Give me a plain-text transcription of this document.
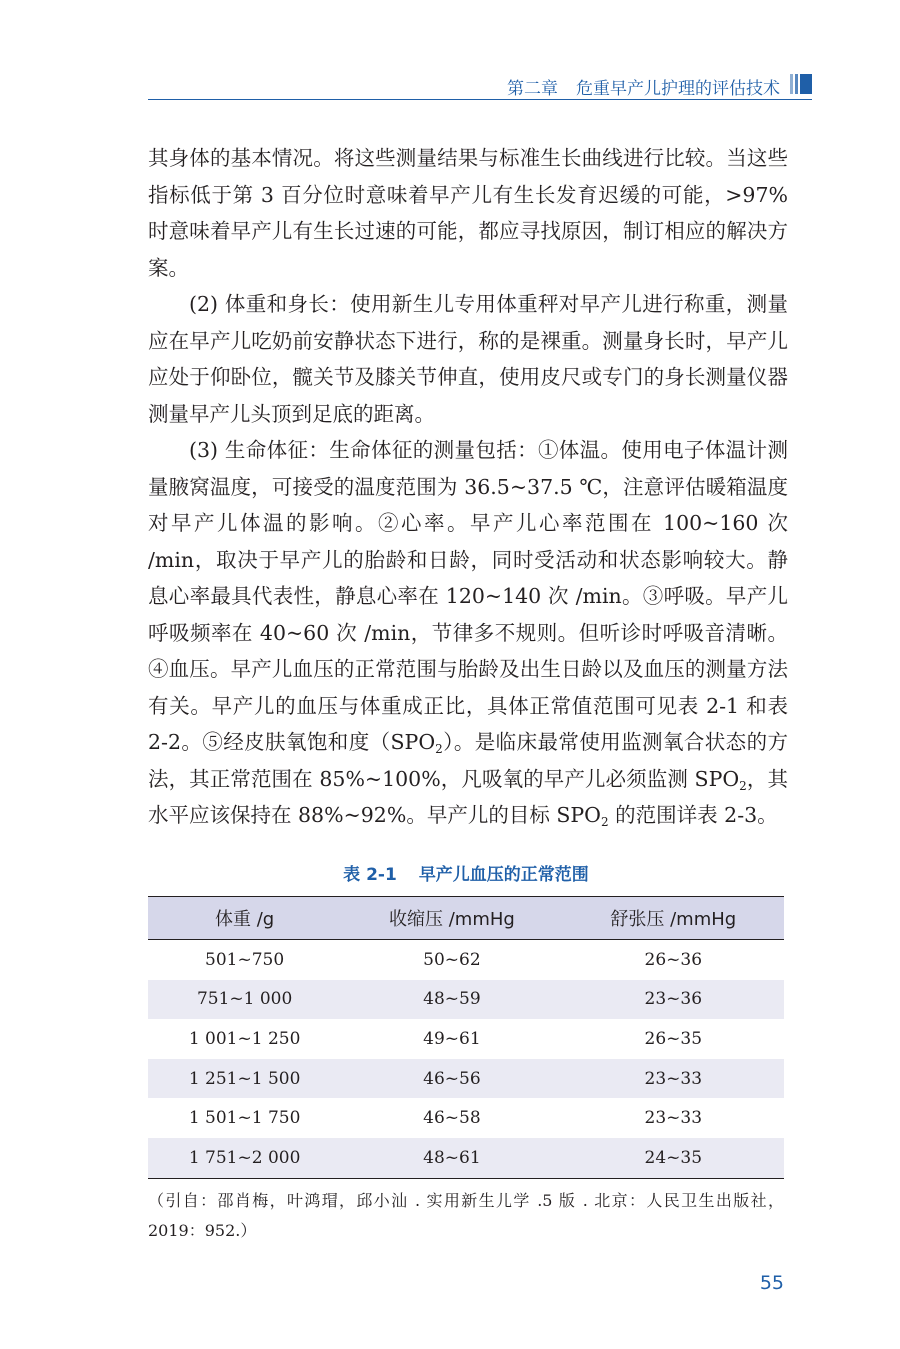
第二章 危重早产儿护理的评估技术

其身体的基本情况。将这些测量结果与标准生长曲线进行比较。当这些指标低于第 3 百分位时意味着早产儿有生长发育迟缓的可能，>97% 时意味着早产儿有生长过速的可能，都应寻找原因，制订相应的解决方案。

(2) 体重和身长：使用新生儿专用体重秤对早产儿进行称重，测量应在早产儿吃奶前安静状态下进行，称的是裸重。测量身长时，早产儿应处于仰卧位，髋关节及膝关节伸直，使用皮尺或专门的身长测量仪器测量早产儿头顶到足底的距离。

(3) 生命体征：生命体征的测量包括：①体温。使用电子体温计测量腋窝温度，可接受的温度范围为 36.5~37.5 ℃，注意评估暖箱温度对早产儿体温的影响。②心率。早产儿心率范围在 100~160 次 /min，取决于早产儿的胎龄和日龄，同时受活动和状态影响较大。静息心率最具代表性，静息心率在 120~140 次 /min。③呼吸。早产儿呼吸频率在 40~60 次 /min，节律多不规则。但听诊时呼吸音清晰。④血压。早产儿血压的正常范围与胎龄及出生日龄以及血压的测量方法有关。早产儿的血压与体重成正比，具体正常值范围可见表 2-1 和表 2-2。⑤经皮肤氧饱和度$(SPO_2)$。是临床最常使用监测氧合状态的方法，其正常范围在 85%~100%，凡吸氧的早产儿必须监测 $SPO_2$，其水平应该保持在 88%~92%。早产儿的目标 $SPO_2$ 的范围详表 2-3。

表 2-1 早产儿血压的正常范围
体重 /g	收缩压 /mmHg	舒张压 /mmHg
501~750	50~62	26~36
751~1 000	48~59	23~36
1 001~1 250	49~61	26~35
1 251~1 500	46~56	23~33
1 501~1 750	46~58	23~33
1 751~2 000	48~61	24~35
（引自：邵肖梅，叶鸿瑁，邱小汕 . 实用新生儿学 .5 版 . 北京：人民卫生出版社，2019：952.）
55
